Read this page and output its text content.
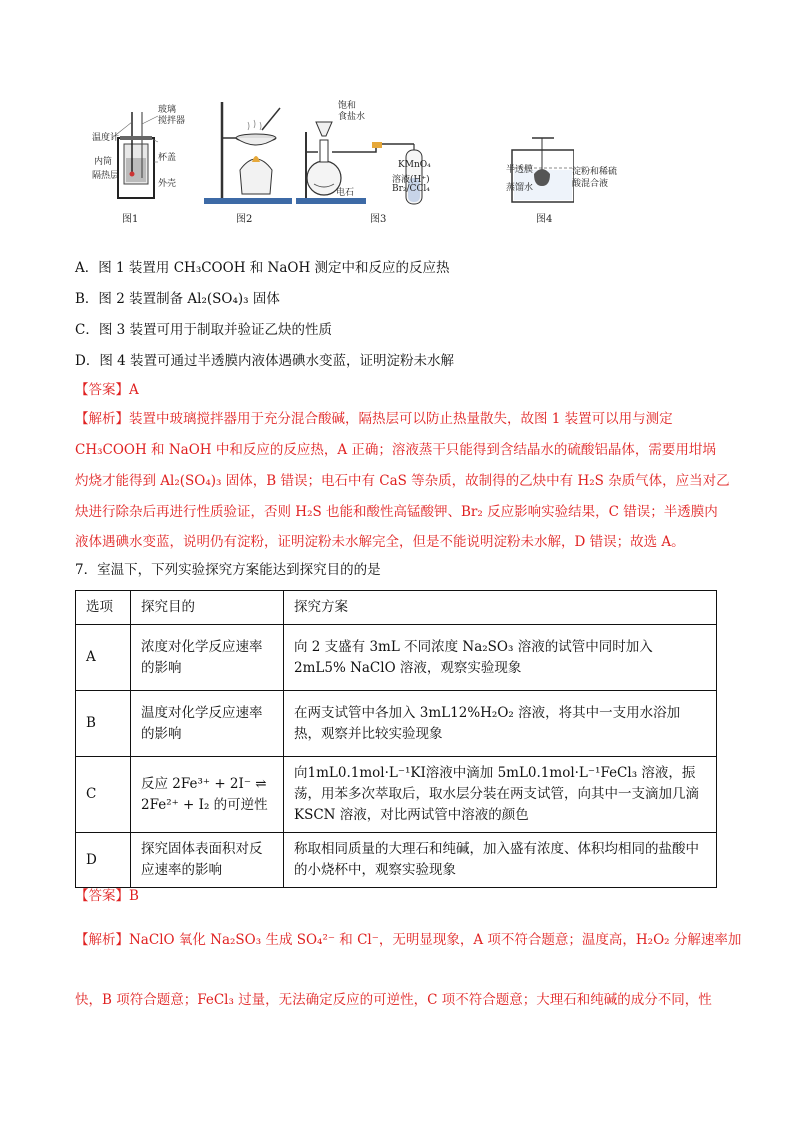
温度计
玻璃
搅拌器
内筒	杯盖
隔热层
外壳
图1	图2
饱和
食盐水
电石
KMnO₄
溶液(H⁺)
Br₂/CCl₄
图3
半透膜
蒸馏水
淀粉和稀硫
酸混合液
图4
A．图 1 装置用 CH₃COOH 和 NaOH 测定中和反应的反应热
B．图 2 装置制备 Al₂(SO₄)₃ 固体
C．图 3 装置可用于制取并验证乙炔的性质
D．图 4 装置可通过半透膜内液体遇碘水变蓝，证明淀粉未水解
【答案】A
【解析】装置中玻璃搅拌器用于充分混合酸碱，隔热层可以防止热量散失，故图 1 装置可以用与测定
CH₃COOH 和 NaOH 中和反应的反应热，A 正确；溶液蒸干只能得到含结晶水的硫酸铝晶体，需要用坩埚
灼烧才能得到 Al₂(SO₄)₃ 固体，B 错误；电石中有 CaS 等杂质，故制得的乙炔中有 H₂S 杂质气体，应当对乙
炔进行除杂后再进行性质验证，否则 H₂S 也能和酸性高锰酸钾、Br₂ 反应影响实验结果，C 错误；半透膜内
液体遇碘水变蓝，说明仍有淀粉，证明淀粉未水解完全，但是不能说明淀粉未水解，D 错误；故选 A。
7．室温下，下列实验探究方案能达到探究目的的是
选项	探究目的	探究方案
A	浓度对化学反应速率的影响	向 2 支盛有 3mL 不同浓度 Na₂SO₃ 溶液的试管中同时加入 2mL5% NaClO 溶液，观察实验现象
B	温度对化学反应速率的影响	在两支试管中各加入 3mL12%H₂O₂ 溶液，将其中一支用水浴加热，观察并比较实验现象
C	反应 2Fe³⁺ + 2I⁻ ⇌ 2Fe²⁺ + I₂ 的可逆性	向1mL0.1mol·L⁻¹KI溶液中滴加 5mL0.1mol·L⁻¹FeCl₃ 溶液，振荡，用苯多次萃取后，取水层分装在两支试管，向其中一支滴加几滴 KSCN 溶液，对比两试管中溶液的颜色
D	探究固体表面积对反应速率的影响	称取相同质量的大理石和纯碱，加入盛有浓度、体积均相同的盐酸中的小烧杯中，观察实验现象
【答案】B
【解析】NaClO 氧化 Na₂SO₃ 生成 SO₄²⁻ 和 Cl⁻，无明显现象，A 项不符合题意；温度高，H₂O₂ 分解速率加
快，B 项符合题意；FeCl₃ 过量，无法确定反应的可逆性，C 项不符合题意；大理石和纯碱的成分不同，性
